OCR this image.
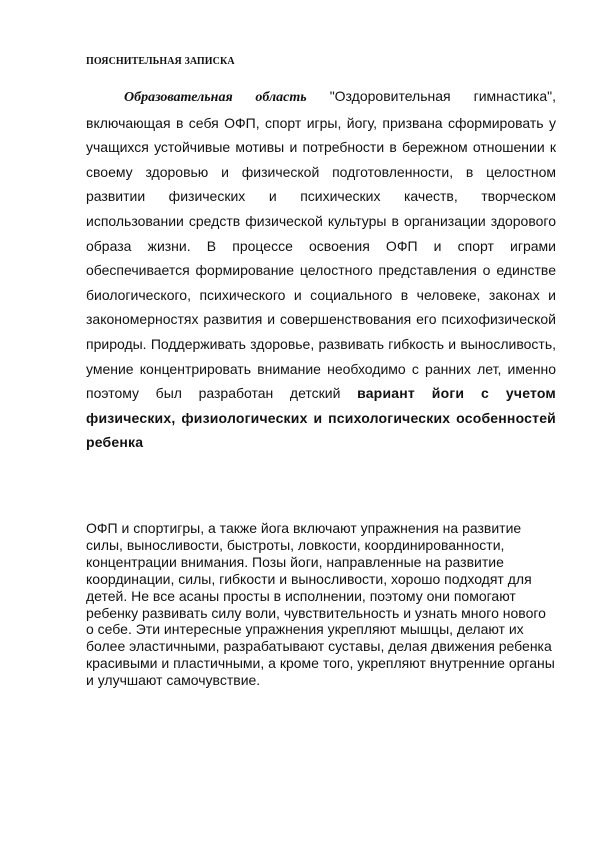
ПОЯСНИТЕЛЬНАЯ ЗАПИСКА

Образовательная область "Оздоровительная гимнастика", включающая в себя ОФП, спорт игры, йогу, призвана сформировать у учащихся устойчивые мотивы и потребности в бережном отношении к своему здоровью и физической подготовленности, в целостном развитии физических и психических качеств, творческом использовании средств физической культуры в организации здорового образа жизни. В процессе освоения ОФП и спорт играми обеспечивается формирование целостного представления о единстве биологического, психического и социального в человеке, законах и закономерностях развития и совершенствования его психофизической природы. Поддерживать здоровье, развивать гибкость и выносливость, умение концентрировать внимание необходимо с ранних лет, именно поэтому был разработан детский вариант йоги с учетом физических, физиологических и психологических особенностей ребенка

ОФП и спортигры, а также йога включают упражнения на развитие силы, выносливости, быстроты, ловкости, координированности, концентрации внимания. Позы йоги, направленные на развитие координации, силы, гибкости и выносливости, хорошо подходят для детей. Не все асаны просты в исполнении, поэтому они помогают ребенку развивать силу воли, чувствительность и узнать много нового о себе. Эти интересные упражнения укрепляют мышцы, делают их более эластичными, разрабатывают суставы, делая движения ребенка красивыми и пластичными, а кроме того, укрепляют внутренние органы и улучшают самочувствие.
